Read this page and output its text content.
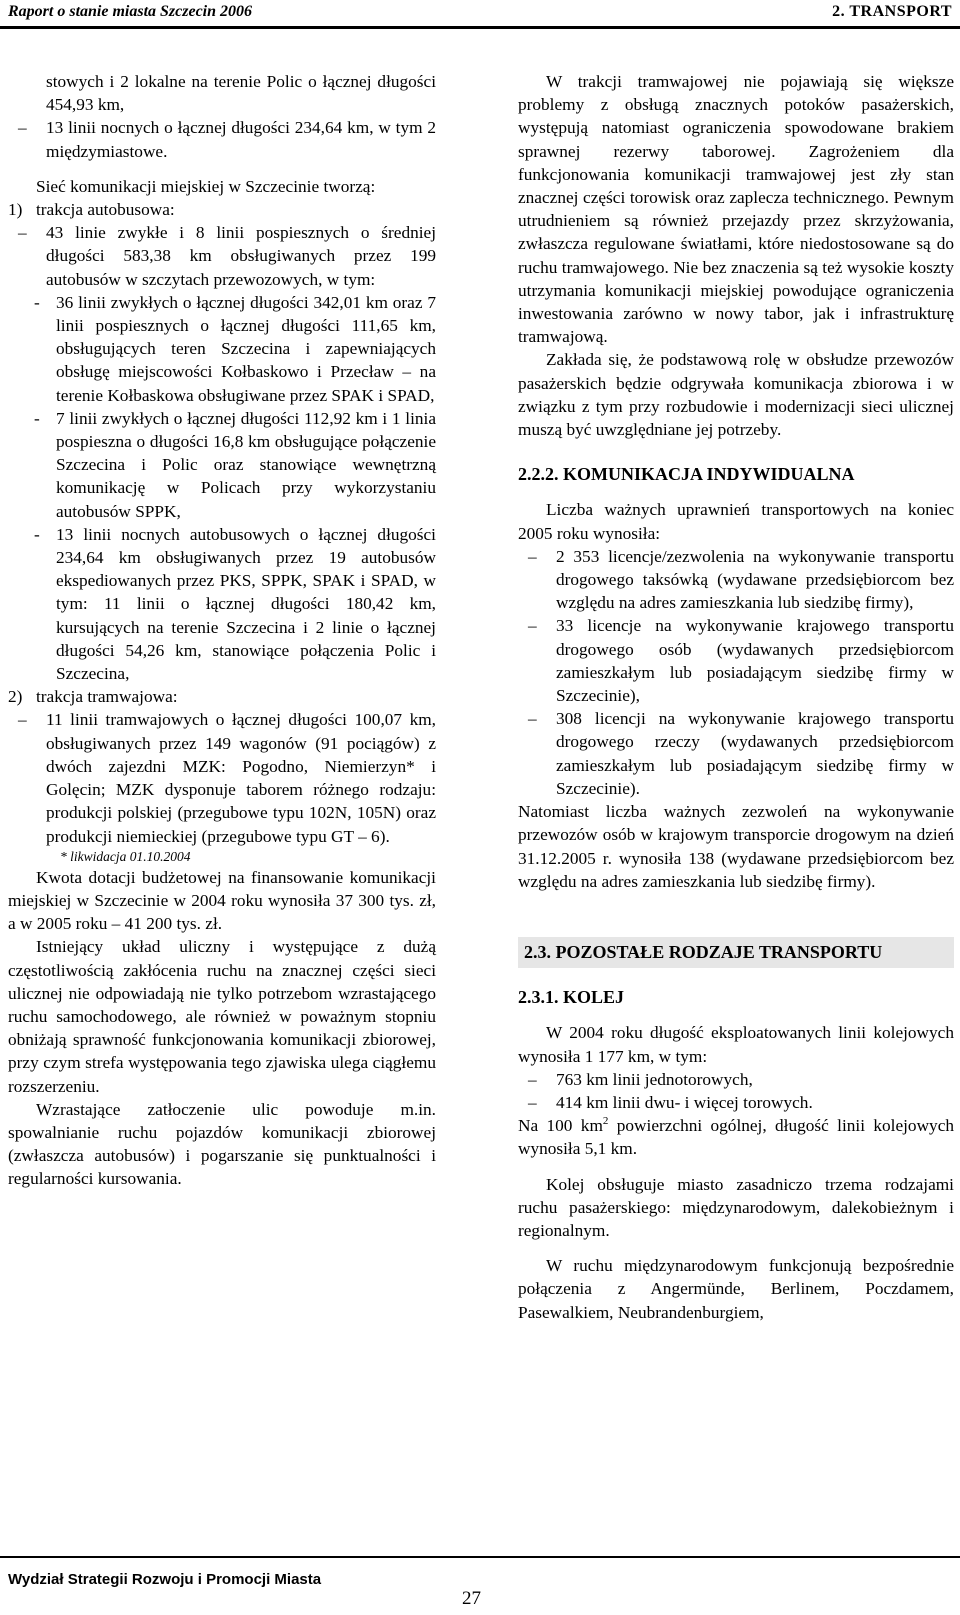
Raport o stanie miasta Szczecin 2006	2. TRANSPORT

stowych i 2 lokalne na terenie Polic o łącznej długości 454,93 km,

– 13 linii nocnych o łącznej długości 234,64 km, w tym 2 międzymiastowe.

Sieć komunikacji miejskiej w Szczecinie tworzą:

1) trakcja autobusowa:

– 43 linie zwykłe i 8 linii pospiesznych o średniej długości 583,38 km obsługiwanych przez 199 autobusów w szczytach przewozowych, w tym:

- 36 linii zwykłych o łącznej długości 342,01 km oraz 7 linii pospiesznych o łącznej długości 111,65 km, obsługujących teren Szczecina i zapewniających obsługę miejscowości Kołbaskowo i Przecław – na terenie Kołbaskowa obsługiwane przez SPAK i SPAD,

- 7 linii zwykłych o łącznej długości 112,92 km i 1 linia pospieszna o długości 16,8 km obsługujące połączenie Szczecina i Polic oraz stanowiące wewnętrzną komunikację w Policach przy wykorzystaniu autobusów SPPK,

- 13 linii nocnych autobusowych o łącznej długości 234,64 km obsługiwanych przez 19 autobusów ekspediowanych przez PKS, SPPK, SPAK i SPAD, w tym: 11 linii o łącznej długości 180,42 km, kursujących na terenie Szczecina i 2 linie o łącznej długości 54,26 km, stanowiące połączenia Polic i Szczecina,

2) trakcja tramwajowa:

– 11 linii tramwajowych o łącznej długości 100,07 km, obsługiwanych przez 149 wagonów (91 pociągów) z dwóch zajezdni MZK: Pogodno, Niemierzyn* i Golęcin; MZK dysponuje taborem różnego rodzaju: produkcji polskiej (przegubowe typu 102N, 105N) oraz produkcji niemieckiej (przegubowe typu GT – 6).

* likwidacja 01.10.2004

Kwota dotacji budżetowej na finansowanie komunikacji miejskiej w Szczecinie w 2004 roku wynosiła 37 300 tys. zł, a w 2005 roku – 41 200 tys. zł.

Istniejący układ uliczny i występujące z dużą częstotliwością zakłócenia ruchu na znacznej części sieci ulicznej nie odpowiadają nie tylko potrzebom wzrastającego ruchu samochodowego, ale również w poważnym stopniu obniżają sprawność funkcjonowania komunikacji zbiorowej, przy czym strefa występowania tego zjawiska ulega ciągłemu rozszerzeniu.

Wzrastające zatłoczenie ulic powoduje m.in. spowalnianie ruchu pojazdów komunikacji zbiorowej (zwłaszcza autobusów) i pogarszanie się punktualności i regularności kursowania.

W trakcji tramwajowej nie pojawiają się większe problemy z obsługą znacznych potoków pasażerskich, występują natomiast ograniczenia spowodowane brakiem sprawnej rezerwy taborowej. Zagrożeniem dla funkcjonowania komunikacji tramwajowej jest zły stan znacznej części torowisk oraz zaplecza technicznego. Pewnym utrudnieniem są również przejazdy przez skrzyżowania, zwłaszcza regulowane światłami, które niedostosowane są do ruchu tramwajowego. Nie bez znaczenia są też wysokie koszty utrzymania komunikacji miejskiej powodujące ograniczenia inwestowania zarówno w nowy tabor, jak i infrastrukturę tramwajową.

Zakłada się, że podstawową rolę w obsłudze przewozów pasażerskich będzie odgrywała komunikacja zbiorowa i w związku z tym przy rozbudowie i modernizacji sieci ulicznej muszą być uwzględniane jej potrzeby.

2.2.2. KOMUNIKACJA INDYWIDUALNA

Liczba ważnych uprawnień transportowych na koniec 2005 roku wynosiła:

– 2 353 licencje/zezwolenia na wykonywanie transportu drogowego taksówką (wydawane przedsiębiorcom bez względu na adres zamieszkania lub siedzibę firmy),

– 33 licencje na wykonywanie krajowego transportu drogowego osób (wydawanych przedsiębiorcom zamieszkałym lub posiadającym siedzibę firmy w Szczecinie),

– 308 licencji na wykonywanie krajowego transportu drogowego rzeczy (wydawanych przedsiębiorcom zamieszkałym lub posiadającym siedzibę firmy w Szczecinie).

Natomiast liczba ważnych zezwoleń na wykonywanie przewozów osób w krajowym transporcie drogowym na dzień 31.12.2005 r. wynosiła 138 (wydawane przedsiębiorcom bez względu na adres zamieszkania lub siedzibę firmy).

2.3. POZOSTAŁE RODZAJE TRANSPORTU

2.3.1. KOLEJ

W 2004 roku długość eksploatowanych linii kolejowych wynosiła 1 177 km, w tym:

– 763 km linii jednotorowych,

– 414 km linii dwu- i więcej torowych.

Na 100 $km^2$ powierzchni ogólnej, długość linii kolejowych wynosiła 5,1 km.

Kolej obsługuje miasto zasadniczo trzema rodzajami ruchu pasażerskiego: międzynarodowym, dalekobieżnym i regionalnym.

W ruchu międzynarodowym funkcjonują bezpośrednie połączenia z Angermünde, Berlinem, Poczdamem, Pasewalkiem, Neubrandenburgiem,

Wydział Strategii Rozwoju i Promocji Miasta
27
